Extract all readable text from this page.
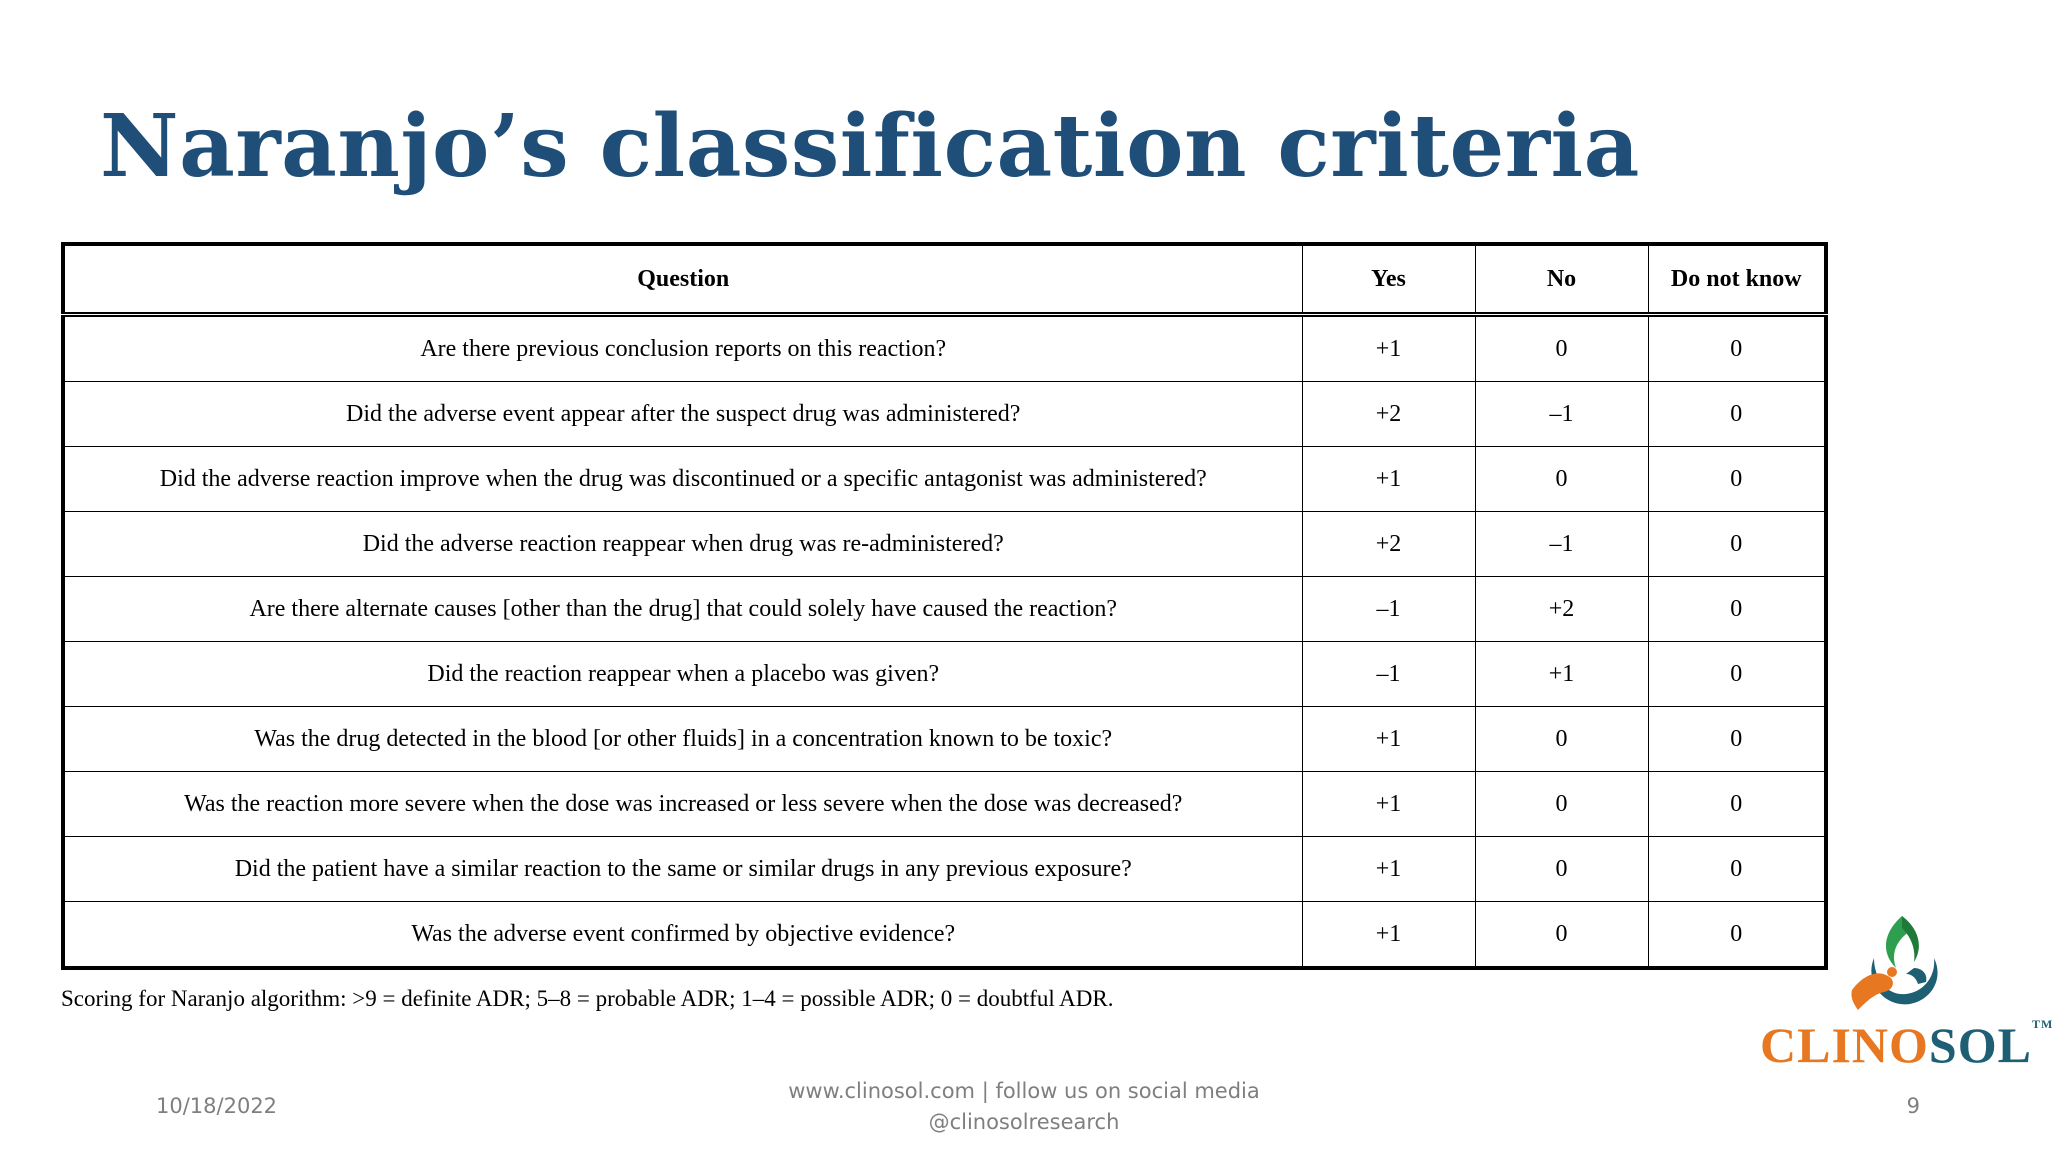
Naranjo’s classification criteria
Question	Yes	No	Do not know
Are there previous conclusion reports on this reaction?	+1	0	0
Did the adverse event appear after the suspect drug was administered?	+2	–1	0
Did the adverse reaction improve when the drug was discontinued or a specific antagonist was administered?	+1	0	0
Did the adverse reaction reappear when drug was re-administered?	+2	–1	0
Are there alternate causes [other than the drug] that could solely have caused the reaction?	–1	+2	0
Did the reaction reappear when a placebo was given?	–1	+1	0
Was the drug detected in the blood [or other fluids] in a concentration known to be toxic?	+1	0	0
Was the reaction more severe when the dose was increased or less severe when the dose was decreased?	+1	0	0
Did the patient have a similar reaction to the same or similar drugs in any previous exposure?	+1	0	0
Was the adverse event confirmed by objective evidence?	+1	0	0
Scoring for Naranjo algorithm: >9 = definite ADR; 5–8 = probable ADR; 1–4 = possible ADR; 0 = doubtful ADR.
CLINOSOL™
10/18/2022
www.clinosol.com | follow us on social media
@clinosolresearch
9
